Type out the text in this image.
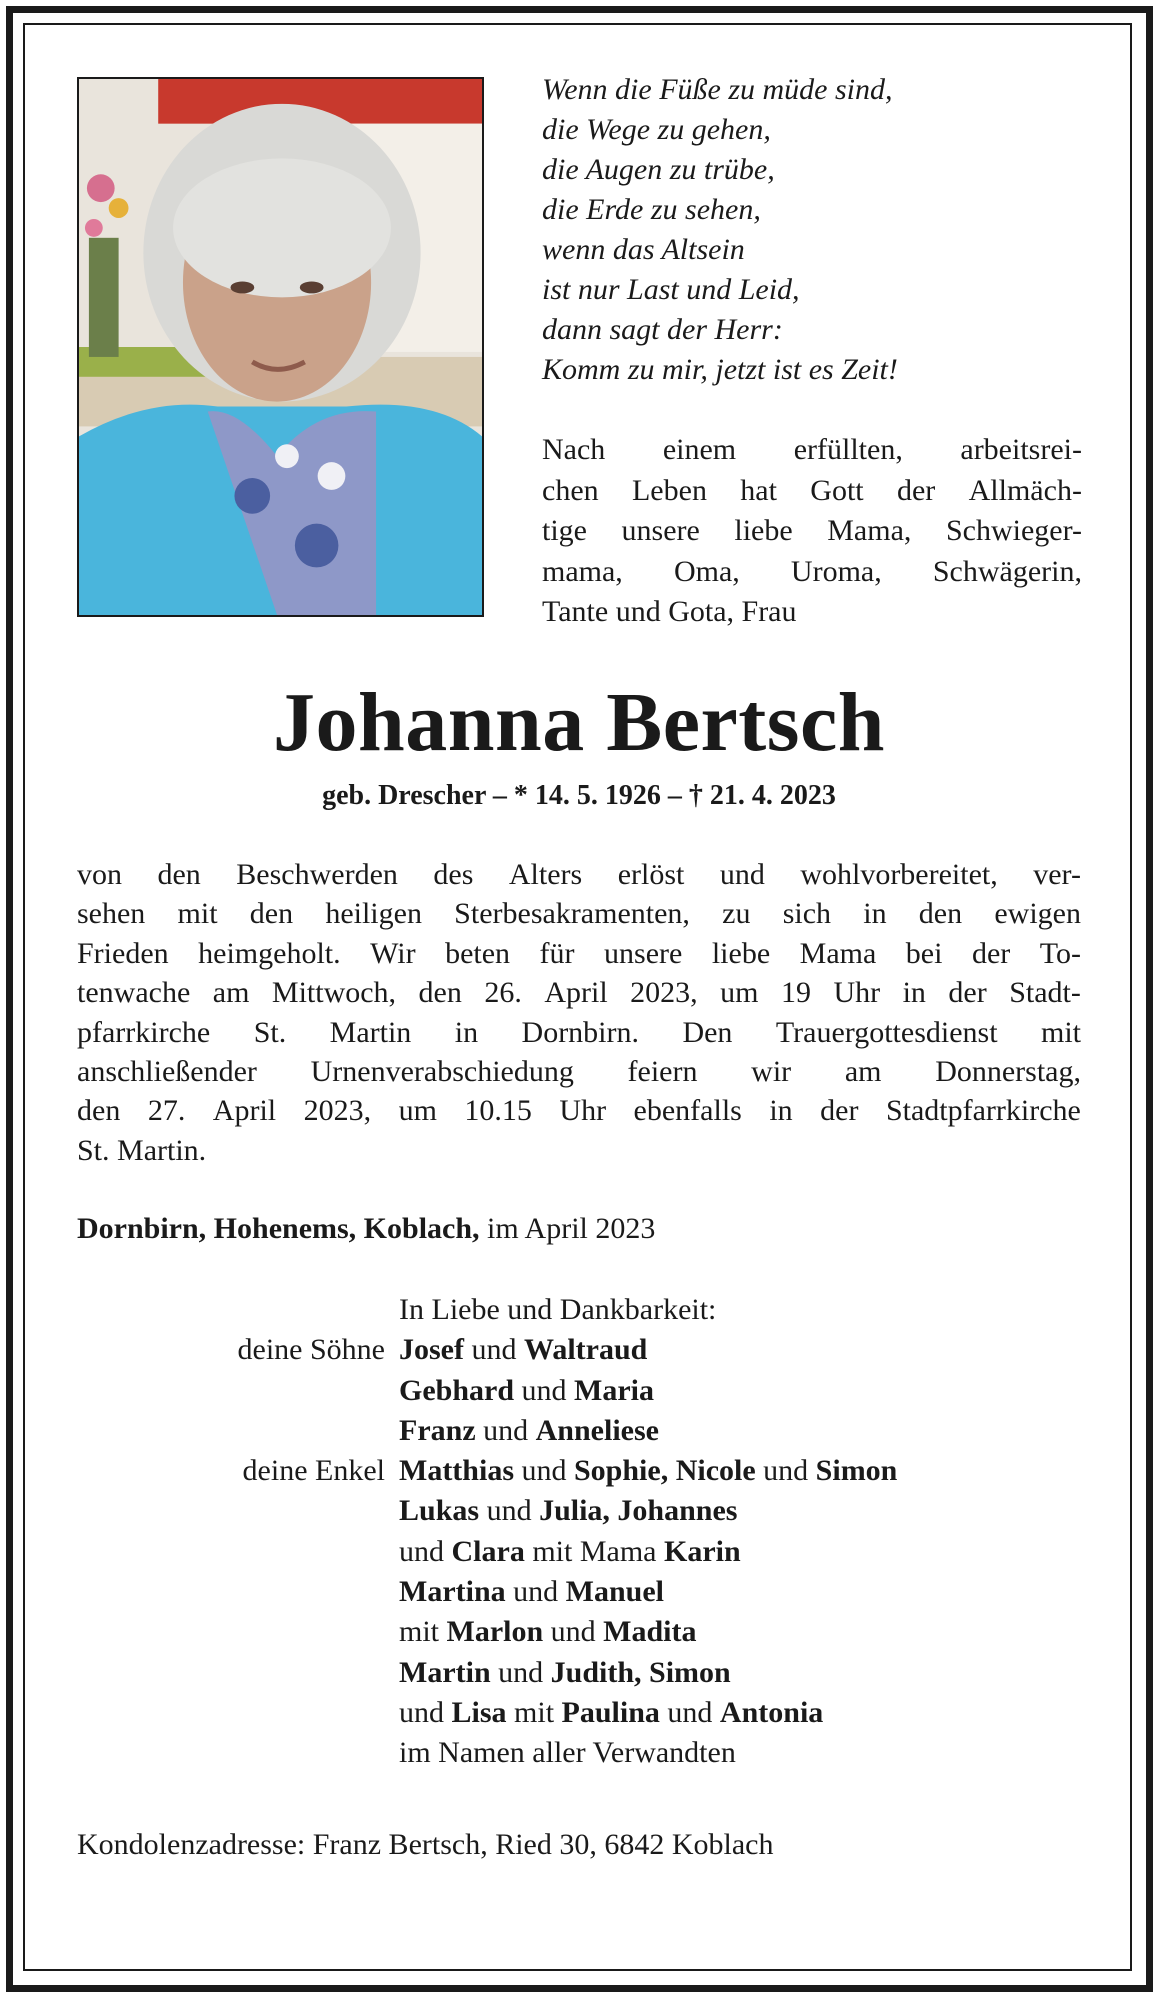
Wenn die Füße zu müde sind,
die Wege zu gehen,
die Augen zu trübe,
die Erde zu sehen,
wenn das Altsein
ist nur Last und Leid,
dann sagt der Herr:
Komm zu mir, jetzt ist es Zeit!
Nach einem erfüllten, arbeitsrei-
chen Leben hat Gott der Allmäch-
tige unsere liebe Mama, Schwieger-
mama, Oma, Uroma, Schwägerin,
Tante und Gota, Frau
Johanna Bertsch
geb. Drescher – * 14. 5. 1926 – † 21. 4. 2023
von den Beschwerden des Alters erlöst und wohlvorbereitet, ver-
sehen mit den heiligen Sterbesakramenten, zu sich in den ewigen
Frieden heimgeholt. Wir beten für unsere liebe Mama bei der To-
tenwache am Mittwoch, den 26. April 2023, um 19 Uhr in der Stadt-
pfarrkirche St. Martin in Dornbirn. Den Trauergottesdienst mit
anschließender Urnenverabschiedung feiern wir am Donnerstag,
den 27. April 2023, um 10.15 Uhr ebenfalls in der Stadtpfarrkirche
St. Martin.
Dornbirn, Hohenems, Koblach, im April 2023
In Liebe und Dankbarkeit:
deine Söhne Josef und Waltraud
Gebhard und Maria
Franz und Anneliese
deine Enkel Matthias und Sophie, Nicole und Simon
Lukas und Julia, Johannes
und Clara mit Mama Karin
Martina und Manuel
mit Marlon und Madita
Martin und Judith, Simon
und Lisa mit Paulina und Antonia
im Namen aller Verwandten
Kondolenzadresse: Franz Bertsch, Ried 30, 6842 Koblach
